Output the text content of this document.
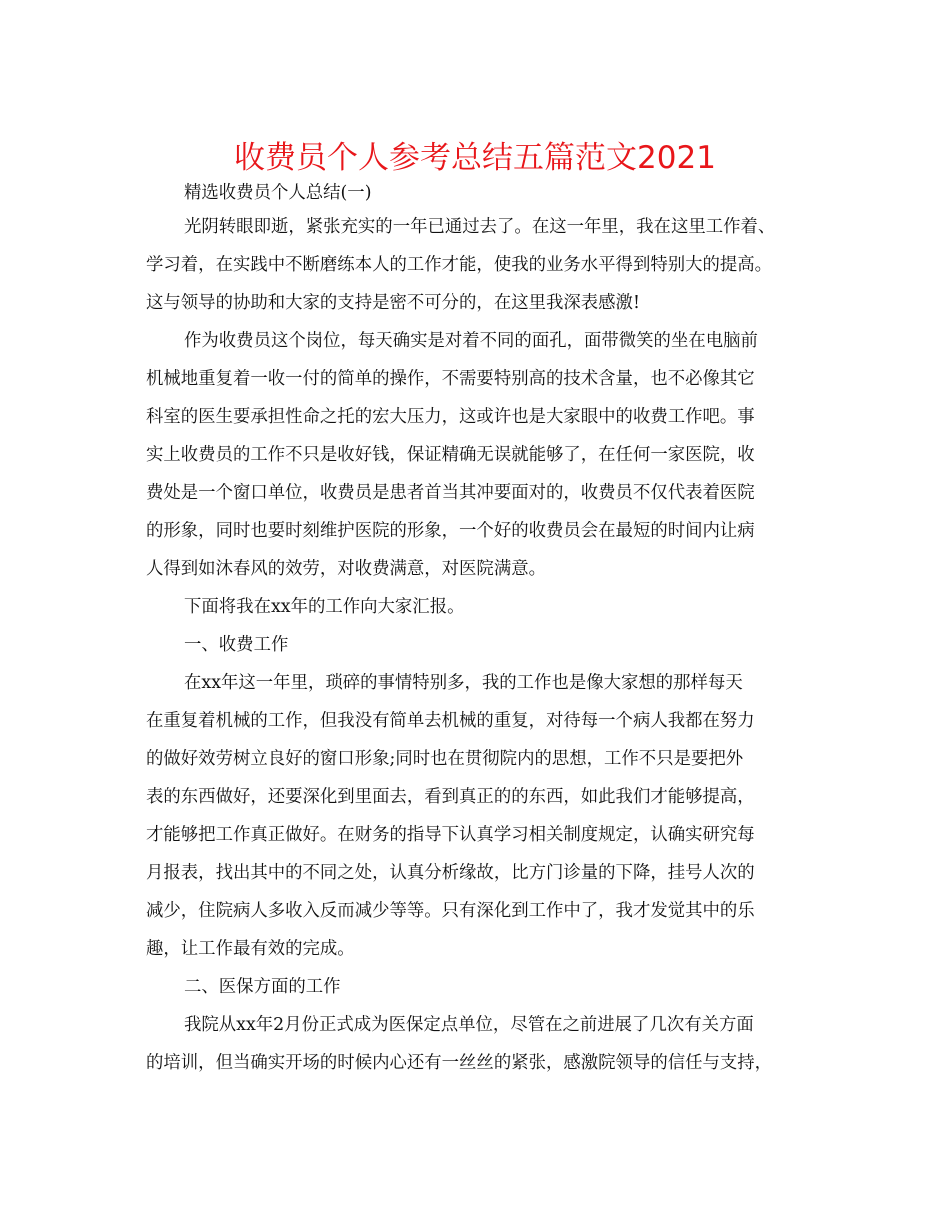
收费员个人参考总结五篇范文2021

精选收费员个人总结(一)

光阴转眼即逝，紧张充实的一年已通过去了。在这一年里，我在这里工作着、

学习着，在实践中不断磨练本人的工作才能，使我的业务水平得到特别大的提高。

这与领导的协助和大家的支持是密不可分的，在这里我深表感激!

作为收费员这个岗位，每天确实是对着不同的面孔，面带微笑的坐在电脑前

机械地重复着一收一付的简单的操作，不需要特别高的技术含量，也不必像其它

科室的医生要承担性命之托的宏大压力，这或许也是大家眼中的收费工作吧。事

实上收费员的工作不只是收好钱，保证精确无误就能够了，在任何一家医院，收

费处是一个窗口单位，收费员是患者首当其冲要面对的，收费员不仅代表着医院

的形象，同时也要时刻维护医院的形象，一个好的收费员会在最短的时间内让病

人得到如沐春风的效劳，对收费满意，对医院满意。

下面将我在xx年的工作向大家汇报。

一、收费工作

在xx年这一年里，琐碎的事情特别多，我的工作也是像大家想的那样每天

在重复着机械的工作，但我没有简单去机械的重复，对待每一个病人我都在努力

的做好效劳树立良好的窗口形象;同时也在贯彻院内的思想，工作不只是要把外

表的东西做好，还要深化到里面去，看到真正的的东西，如此我们才能够提高，

才能够把工作真正做好。在财务的指导下认真学习相关制度规定，认确实研究每

月报表，找出其中的不同之处，认真分析缘故，比方门诊量的下降，挂号人次的

减少，住院病人多收入反而减少等等。只有深化到工作中了，我才发觉其中的乐

趣，让工作最有效的完成。

二、医保方面的工作

我院从xx年2月份正式成为医保定点单位，尽管在之前进展了几次有关方面

的培训，但当确实开场的时候内心还有一丝丝的紧张，感激院领导的信任与支持，
